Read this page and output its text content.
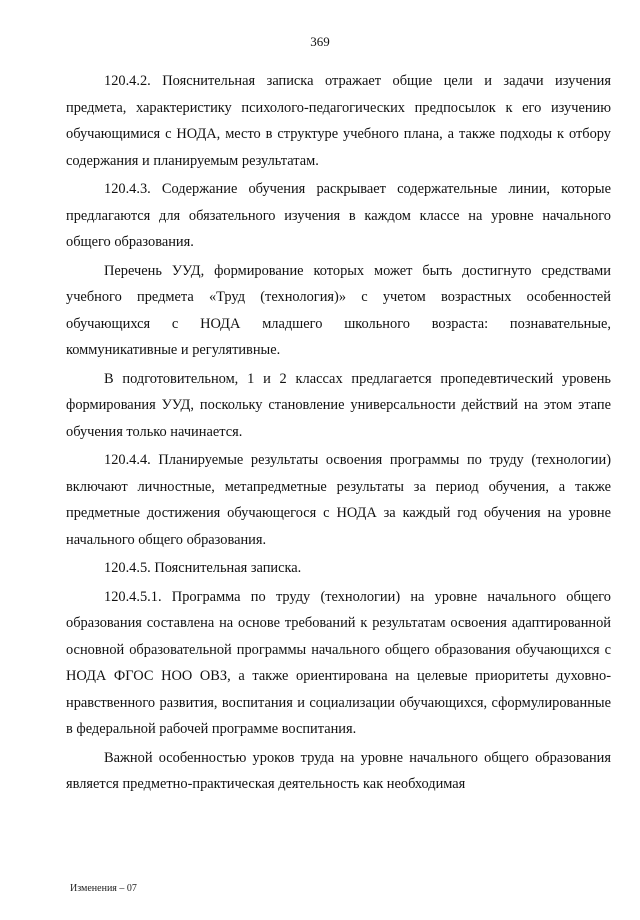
369

120.4.2. Пояснительная записка отражает общие цели и задачи изучения предмета, характеристику психолого-педагогических предпосылок к его изучению обучающимися с НОДА, место в структуре учебного плана, а также подходы к отбору содержания и планируемым результатам.

120.4.3. Содержание обучения раскрывает содержательные линии, которые предлагаются для обязательного изучения в каждом классе на уровне начального общего образования.

Перечень УУД, формирование которых может быть достигнуто средствами учебного предмета «Труд (технология)» с учетом возрастных особенностей обучающихся с НОДА младшего школьного возраста: познавательные, коммуникативные и регулятивные.

В подготовительном, 1 и 2 классах предлагается пропедевтический уровень формирования УУД, поскольку становление универсальности действий на этом этапе обучения только начинается.

120.4.4. Планируемые результаты освоения программы по труду (технологии) включают личностные, метапредметные результаты за период обучения, а также предметные достижения обучающегося с НОДА за каждый год обучения на уровне начального общего образования.

120.4.5. Пояснительная записка.

120.4.5.1. Программа по труду (технологии) на уровне начального общего образования составлена на основе требований к результатам освоения адаптированной основной образовательной программы начального общего образования обучающихся с НОДА ФГОС НОО ОВЗ, а также ориентирована на целевые приоритеты духовно-нравственного развития, воспитания и социализации обучающихся, сформулированные в федеральной рабочей программе воспитания.

Важной особенностью уроков труда на уровне начального общего образования является предметно-практическая деятельность как необходимая

Изменения – 07
